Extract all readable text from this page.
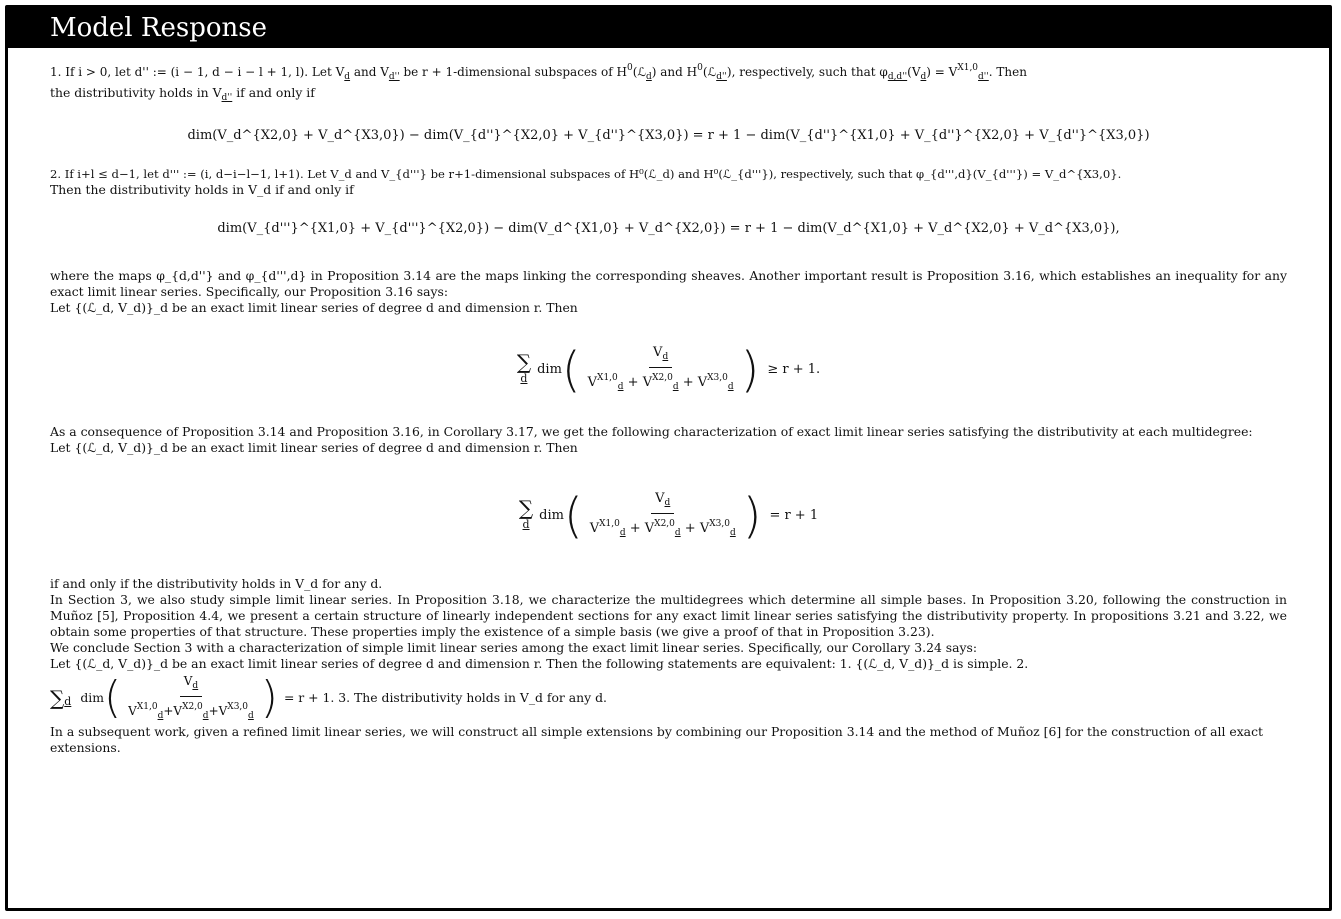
Model Response

1. If i > 0, let d'' := (i − 1, d − i − l + 1, l). Let $V_d$ and $V_{d''}$ be r + 1-dimensional subspaces of $H^0(ℒ_d)$ and $H^0(ℒ_{d''})$, respectively, such that $\varphi_{d,d''}(V_d) = V^{X1,0}_{d''}$. Then

the distributivity holds in $V_{d''}$ if and only if

dim(V_d^{X2,0} + V_d^{X3,0}) − dim(V_{d''}^{X2,0} + V_{d''}^{X3,0}) = r + 1 − dim(V_{d''}^{X1,0} + V_{d''}^{X2,0} + V_{d''}^{X3,0})

2. If i+l ≤ d−1, let d''' := (i, d−i−l−1, l+1). Let V_d and V_{d'''} be r+1-dimensional subspaces of H⁰(ℒ_d) and H⁰(ℒ_{d'''}), respectively, such that φ_{d''',d}(V_{d'''}) = V_d^{X3,0}.

Then the distributivity holds in V_d if and only if

dim(V_{d'''}^{X1,0} + V_{d'''}^{X2,0}) − dim(V_d^{X1,0} + V_d^{X2,0}) = r + 1 − dim(V_d^{X1,0} + V_d^{X2,0} + V_d^{X3,0}),

where the maps φ_{d,d''} and φ_{d''',d} in Proposition 3.14 are the maps linking the corresponding sheaves. Another important result is Proposition 3.16, which establishes an inequality for any exact limit linear series. Specifically, our Proposition 3.16 says:

Let {(ℒ_d, V_d)}_d be an exact limit linear series of degree d and dimension r. Then

∑
d
dim ( $\frac{V_d}{V^{X1,0}_d + V^{X2,0}_d + V^{X3,0}_d}$ ) ≥ r + 1.

As a consequence of Proposition 3.14 and Proposition 3.16, in Corollary 3.17, we get the following characterization of exact limit linear series satisfying the distributivity at each multidegree:

Let {(ℒ_d, V_d)}_d be an exact limit linear series of degree d and dimension r. Then

∑
d
dim ( $\frac{V_d}{V^{X1,0}_d + V^{X2,0}_d + V^{X3,0}_d}$ ) = r + 1

if and only if the distributivity holds in V_d for any d.

In Section 3, we also study simple limit linear series. In Proposition 3.18, we characterize the multidegrees which determine all simple bases. In Proposition 3.20, following the construction in Muñoz [5], Proposition 4.4, we present a certain structure of linearly independent sections for any exact limit linear series satisfying the distributivity property. In propositions 3.21 and 3.22, we obtain some properties of that structure. These properties imply the existence of a simple basis (we give a proof of that in Proposition 3.23).

We conclude Section 3 with a characterization of simple limit linear series among the exact limit linear series. Specifically, our Corollary 3.24 says:

Let {(ℒ_d, V_d)}_d be an exact limit linear series of degree d and dimension r. Then the following statements are equivalent: 1. {(ℒ_d, V_d)}_d is simple. 2.

∑ d dim ( $\frac{V_d}{V^{X1,0}_d+V^{X2,0}_d+V^{X3,0}_d}$ ) = r + 1. 3. The distributivity holds in V_d for any d.

In a subsequent work, given a refined limit linear series, we will construct all simple extensions by combining our Proposition 3.14 and the method of Muñoz [6] for the construction of all exact extensions.
